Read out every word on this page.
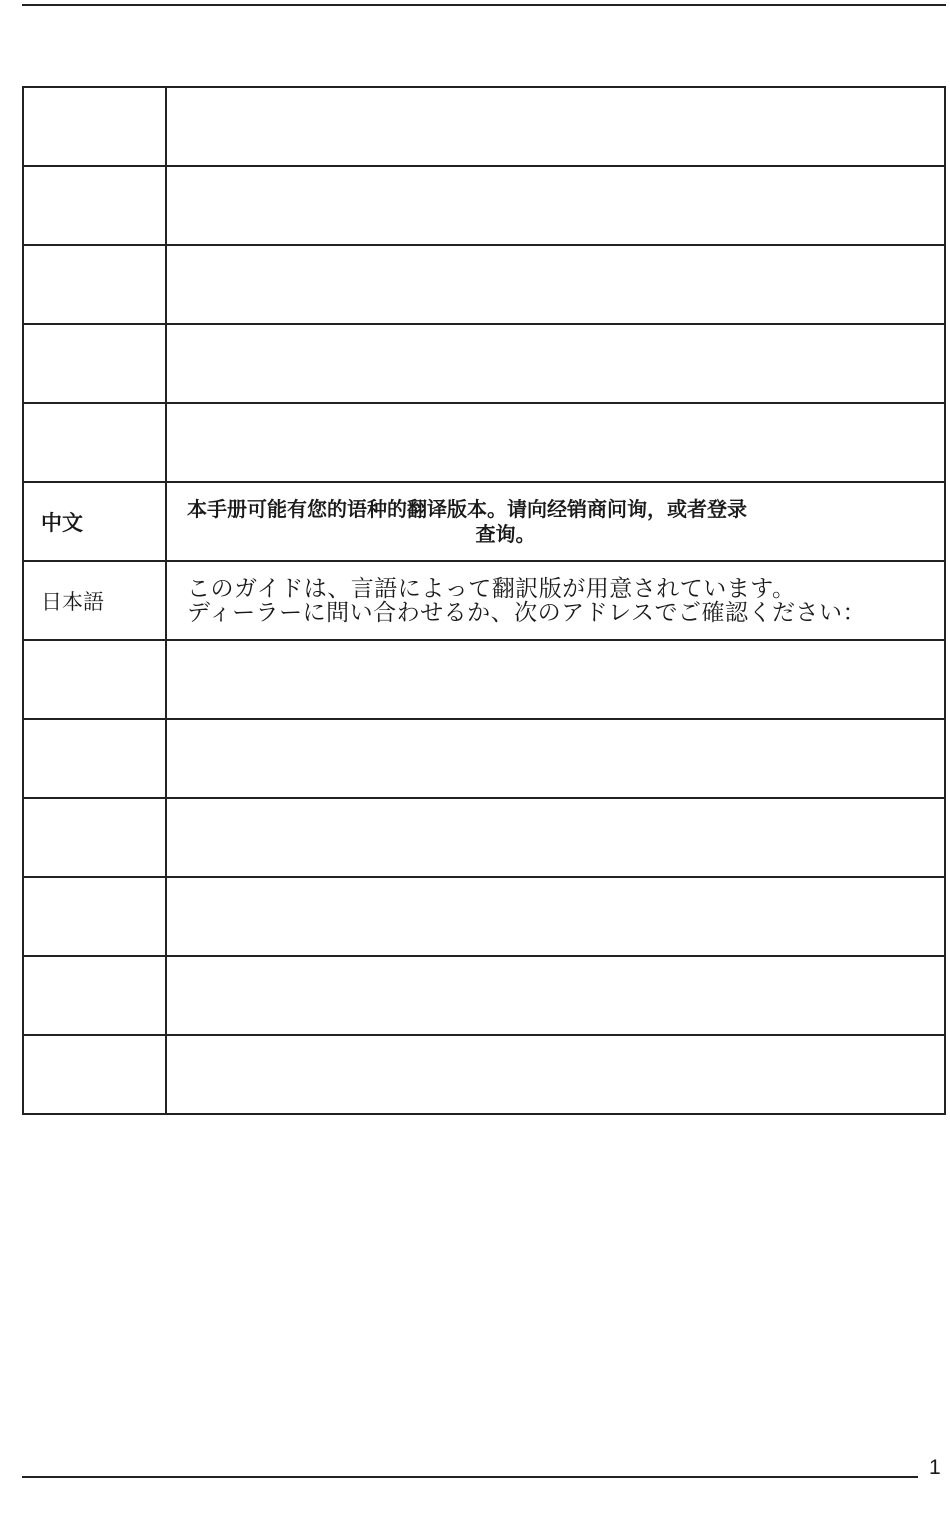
中文	本手册可能有您的语种的翻译版本。请向经销商问询，或者登录
查询。

日本語	このガイドは、言語によって翻訳版が用意されています。
ディーラーに問い合わせるか、次のアドレスでご確認ください：

1
